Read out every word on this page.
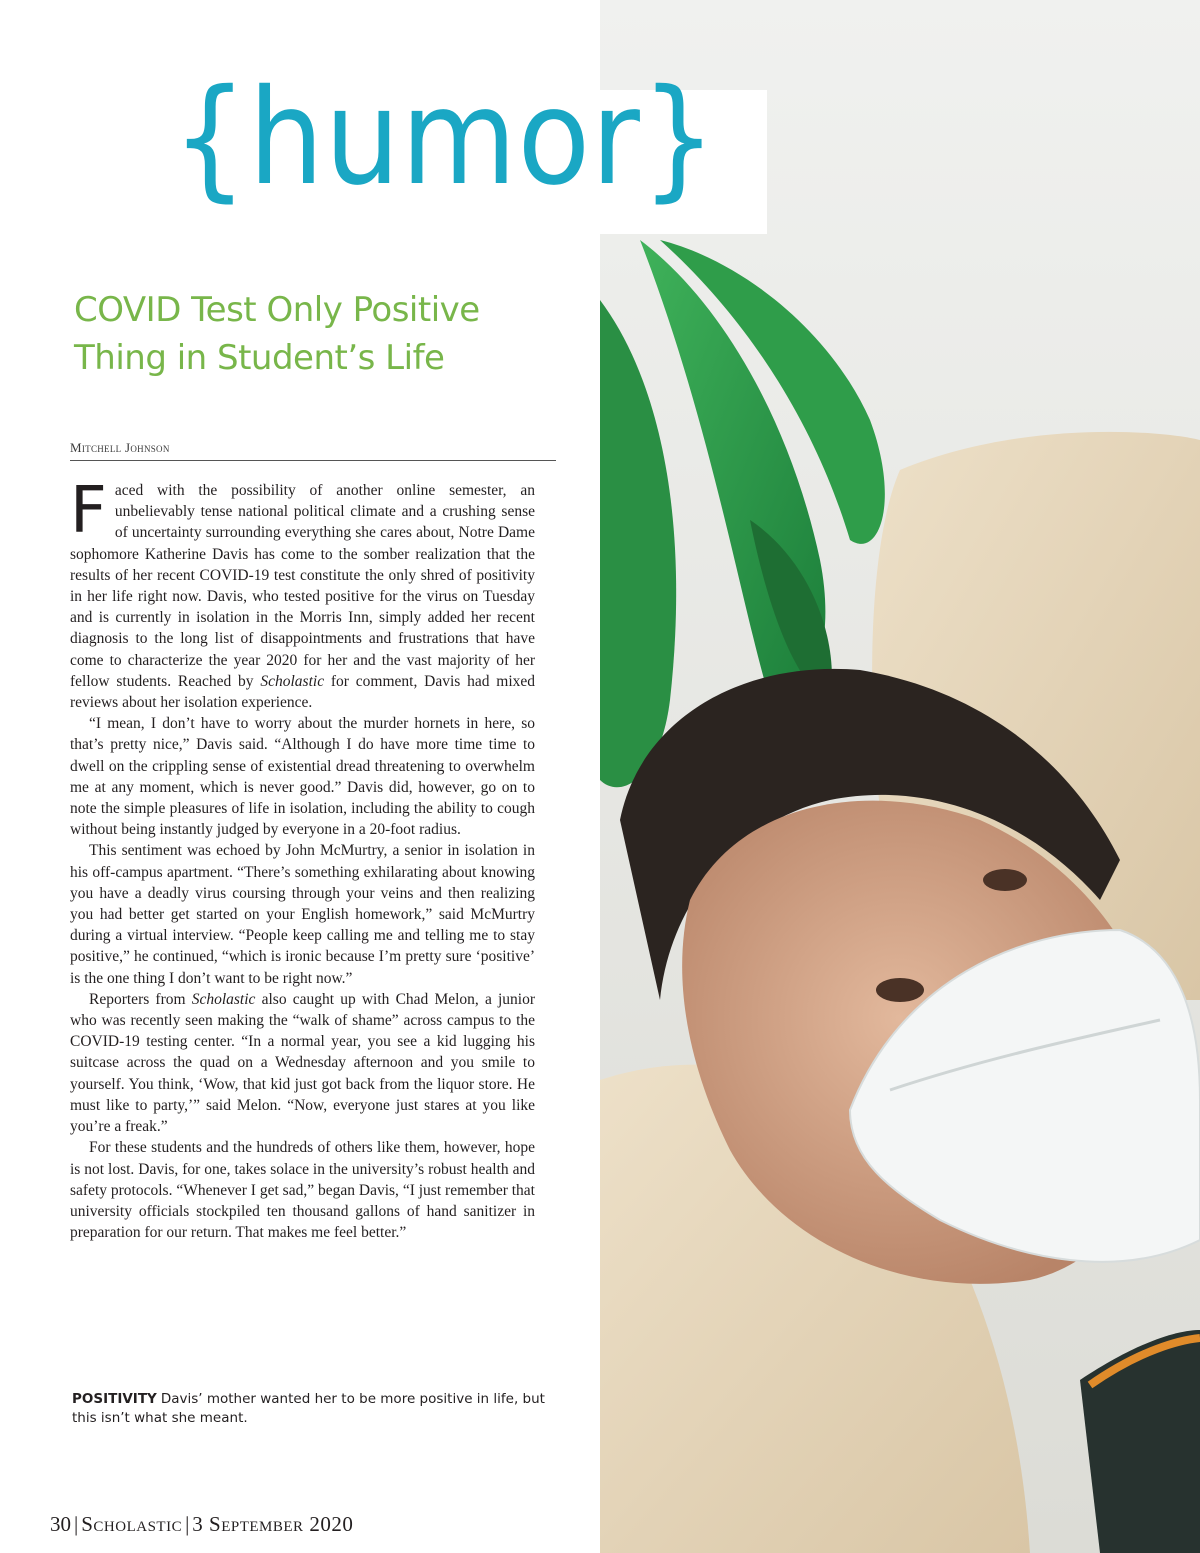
{humor}
COVID Test Only Positive
Thing in Student’s Life
Mitchell Johnson

Faced with the possibility of another online semester, an unbelievably tense national political climate and a crushing sense of uncertainty surrounding everything she cares about, Notre Dame sophomore Katherine Davis has come to the somber realization that the results of her recent COVID-19 test constitute the only shred of positivity in her life right now. Davis, who tested positive for the virus on Tuesday and is currently in isolation in the Morris Inn, simply added her recent diagnosis to the long list of disappointments and frustrations that have come to characterize the year 2020 for her and the vast majority of her fellow students. Reached by Scholastic for comment, Davis had mixed reviews about her isolation experience.

“I mean, I don’t have to worry about the murder hornets in here, so that’s pretty nice,” Davis said. “Although I do have more time time to dwell on the crippling sense of existential dread threatening to overwhelm me at any moment, which is never good.” Davis did, however, go on to note the simple pleasures of life in isolation, including the ability to cough without being instantly judged by everyone in a 20-foot radius.

This sentiment was echoed by John McMurtry, a senior in isolation in his off-campus apartment. “There’s something exhilarating about knowing you have a deadly virus coursing through your veins and then realizing you had better get started on your English homework,” said McMurtry during a virtual interview. “People keep calling me and telling me to stay positive,” he continued, “which is ironic because I’m pretty sure ‘positive’ is the one thing I don’t want to be right now.”

Reporters from Scholastic also caught up with Chad Melon, a junior who was recently seen making the “walk of shame” across campus to the COVID-19 testing center. “In a normal year, you see a kid lugging his suitcase across the quad on a Wednesday afternoon and you smile to yourself. You think, ‘Wow, that kid just got back from the liquor store. He must like to party,’” said Melon. “Now, everyone just stares at you like you’re a freak.”

For these students and the hundreds of others like them, however, hope is not lost. Davis, for one, takes solace in the university’s robust health and safety protocols. “Whenever I get sad,” began Davis, “I just remember that university officials stockpiled ten thousand gallons of hand sanitizer in preparation for our return. That makes me feel better.”

POSITIVITY Davis’ mother wanted her to be more positive in life, but this isn’t what she meant.
30 | Scholastic | 3 September 2020
